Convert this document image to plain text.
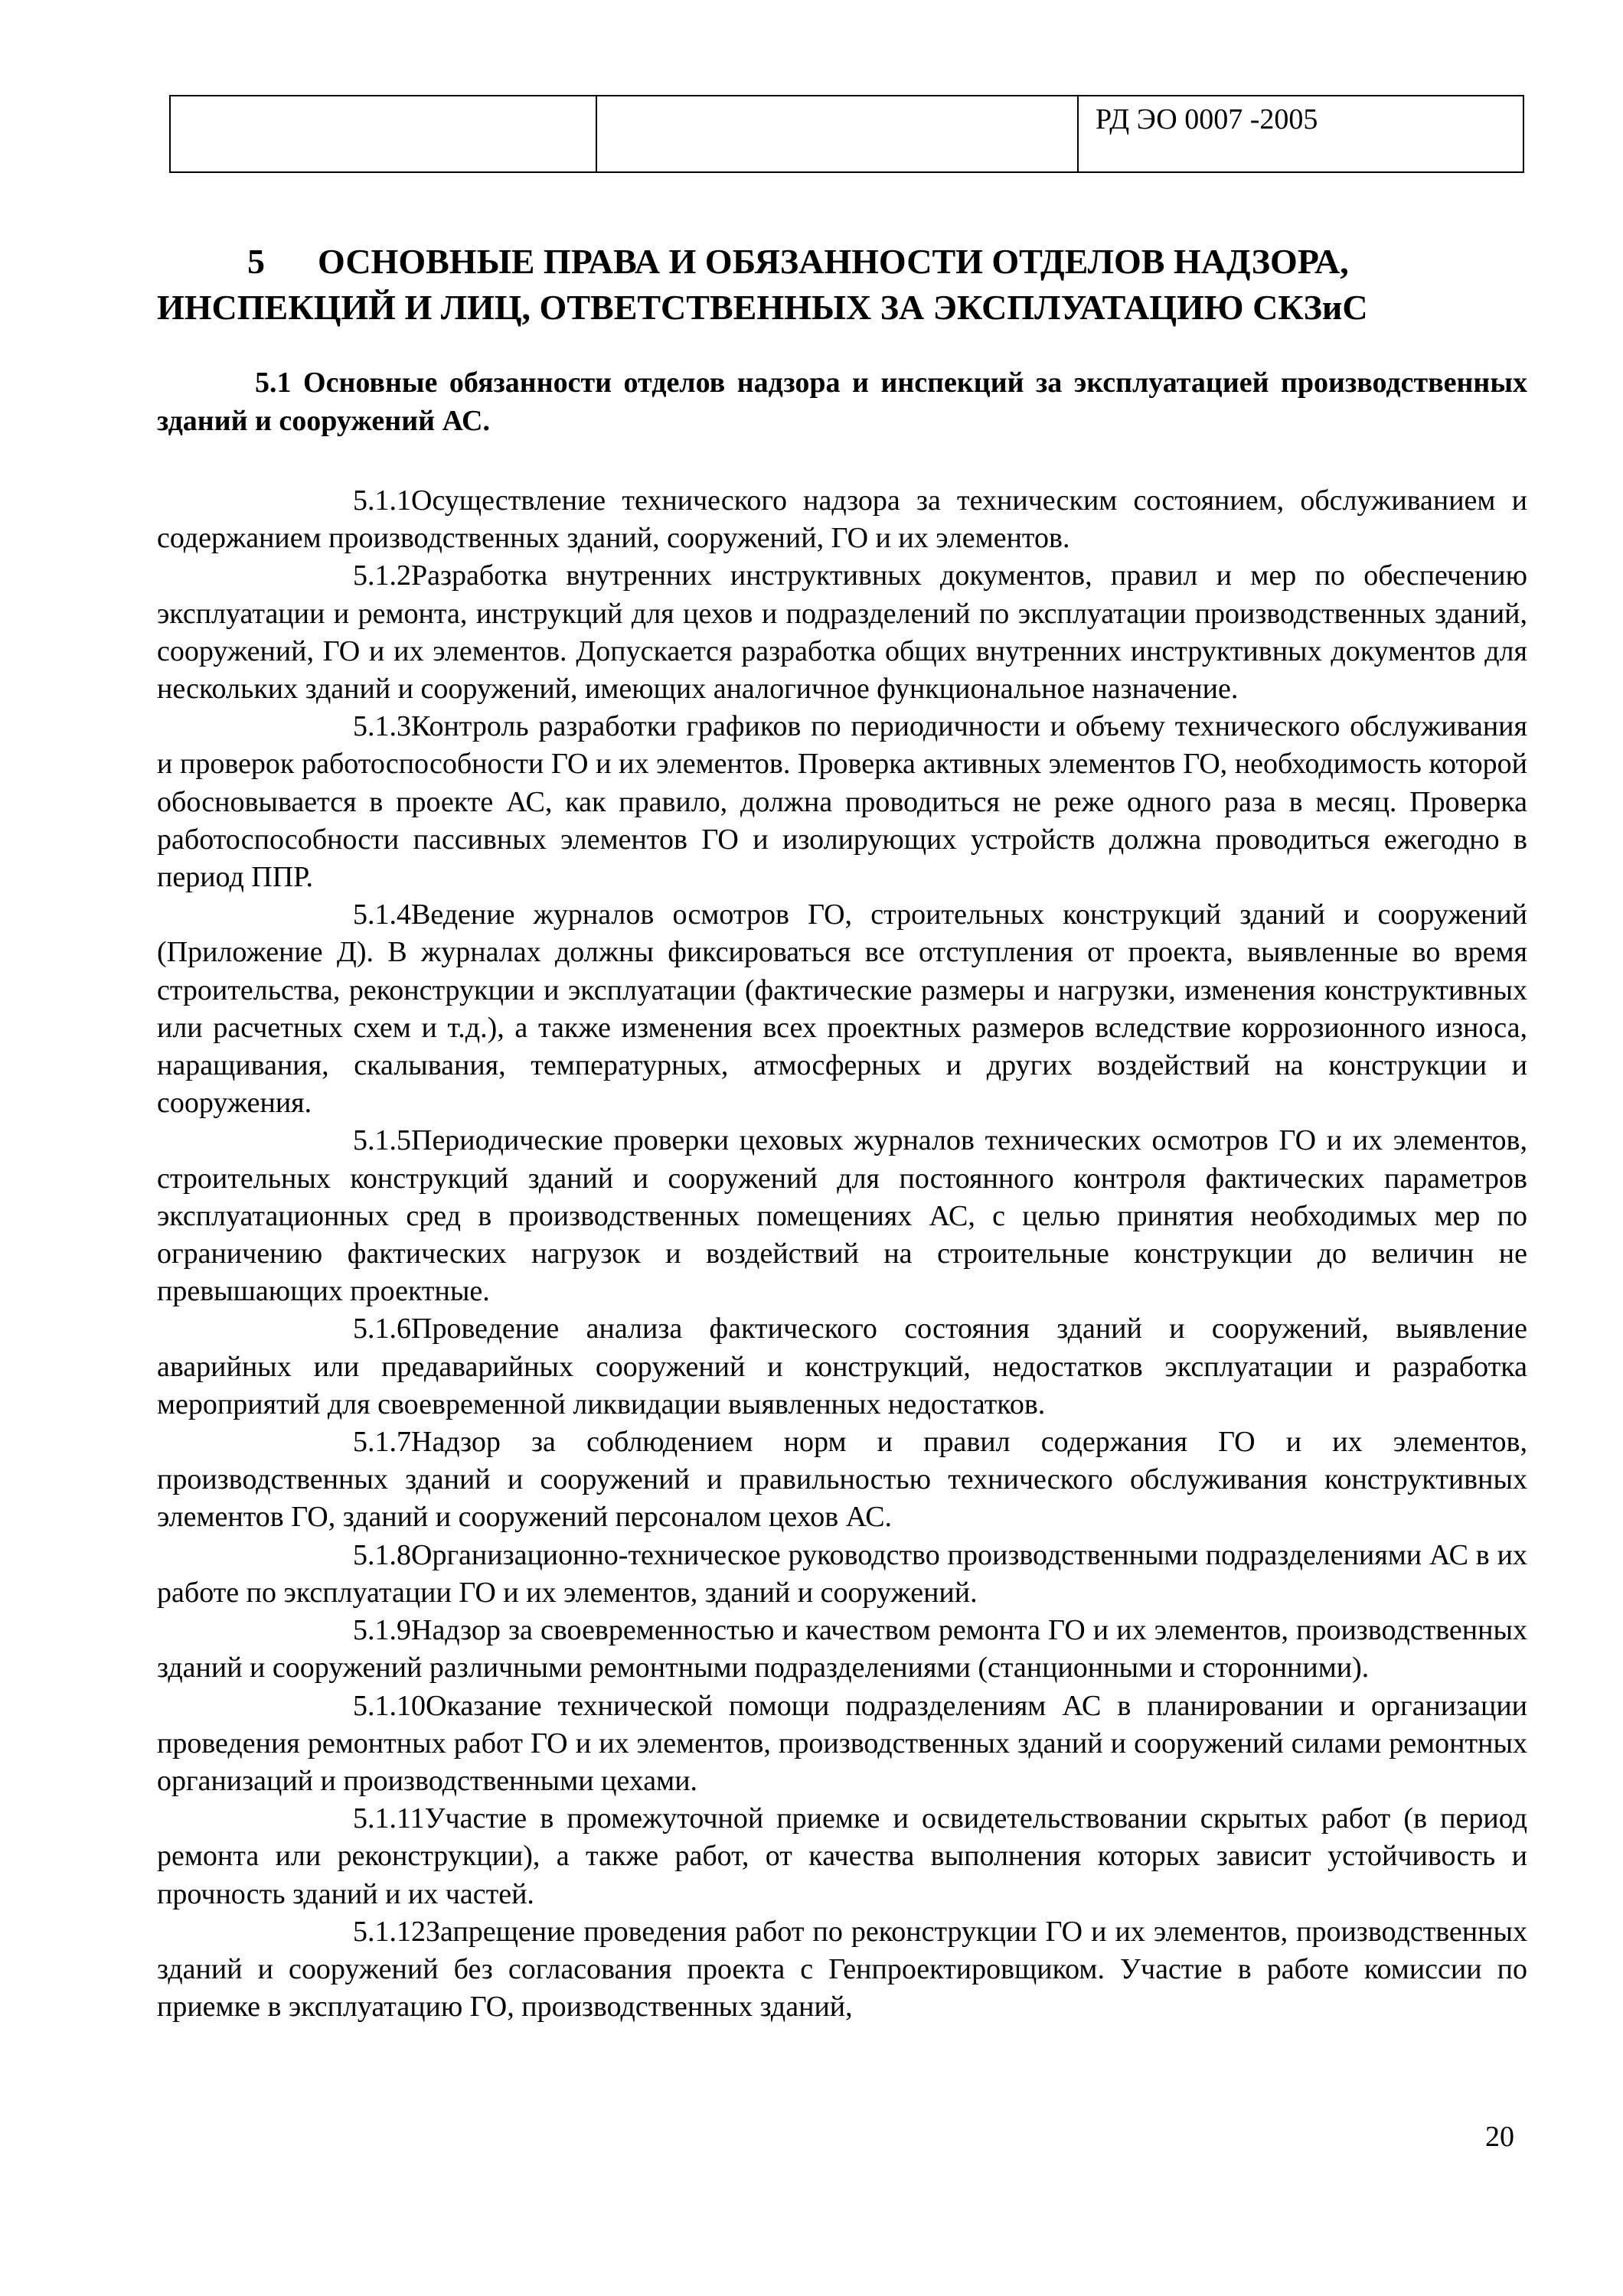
		РД ЭО 0007 -2005
5 ОСНОВНЫЕ ПРАВА И ОБЯЗАННОСТИ ОТДЕЛОВ НАДЗОРА,
ИНСПЕКЦИЙ И ЛИЦ, ОТВЕТСТВЕННЫХ ЗА ЭКСПЛУАТАЦИЮ СКЗиС
5.1 Основные обязанности отделов надзора и инспекций за эксплуатацией производственных зданий и сооружений АС.

5.1.1Осуществление технического надзора за техническим состоянием, обслуживанием и содержанием производственных зданий, сооружений, ГО и их элементов.

5.1.2Разработка внутренних инструктивных документов, правил и мер по обеспечению эксплуатации и ремонта, инструкций для цехов и подразделений по эксплуатации производственных зданий, сооружений, ГО и их элементов. Допускается разработка общих внутренних инструктивных документов для нескольких зданий и сооружений, имеющих аналогичное функциональное назначение.

5.1.3Контроль разработки графиков по периодичности и объему технического обслуживания и проверок работоспособности ГО и их элементов. Проверка активных элементов ГО, необходимость которой обосновывается в проекте АС, как правило, должна проводиться не реже одного раза в месяц. Проверка работоспособности пассивных элементов ГО и изолирующих устройств должна проводиться ежегодно в период ППР.

5.1.4Ведение журналов осмотров ГО, строительных конструкций зданий и сооружений (Приложение Д). В журналах должны фиксироваться все отступления от проекта, выявленные во время строительства, реконструкции и эксплуатации (фактические размеры и нагрузки, изменения конструктивных или расчетных схем и т.д.), а также изменения всех проектных размеров вследствие коррозионного износа, наращивания, скалывания, температурных, атмосферных и других воздействий на конструкции и сооружения.

5.1.5Периодические проверки цеховых журналов технических осмотров ГО и их элементов, строительных конструкций зданий и сооружений для постоянного контроля фактических параметров эксплуатационных сред в производственных помещениях АС, с целью принятия необходимых мер по ограничению фактических нагрузок и воздействий на строительные конструкции до величин не превышающих проектные.

5.1.6Проведение анализа фактического состояния зданий и сооружений, выявление аварийных или предаварийных сооружений и конструкций, недостатков эксплуатации и разработка мероприятий для своевременной ликвидации выявленных недостатков.

5.1.7Надзор за соблюдением норм и правил содержания ГО и их элементов, производственных зданий и сооружений и правильностью технического обслуживания конструктивных элементов ГО, зданий и сооружений персоналом цехов АС.

5.1.8Организационно-техническое руководство производственными подразделениями АС в их работе по эксплуатации ГО и их элементов, зданий и сооружений.

5.1.9Надзор за своевременностью и качеством ремонта ГО и их элементов, производственных зданий и сооружений различными ремонтными подразделениями (станционными и сторонними).

5.1.10Оказание технической помощи подразделениям АС в планировании и организации проведения ремонтных работ ГО и их элементов, производственных зданий и сооружений силами ремонтных организаций и производственными цехами.

5.1.11Участие в промежуточной приемке и освидетельствовании скрытых работ (в период ремонта или реконструкции), а также работ, от качества выполнения которых зависит устойчивость и прочность зданий и их частей.

5.1.12Запрещение проведения работ по реконструкции ГО и их элементов, производственных зданий и сооружений без согласования проекта с Генпроектировщиком. Участие в работе комиссии по приемке в эксплуатацию ГО, производственных зданий,

20
